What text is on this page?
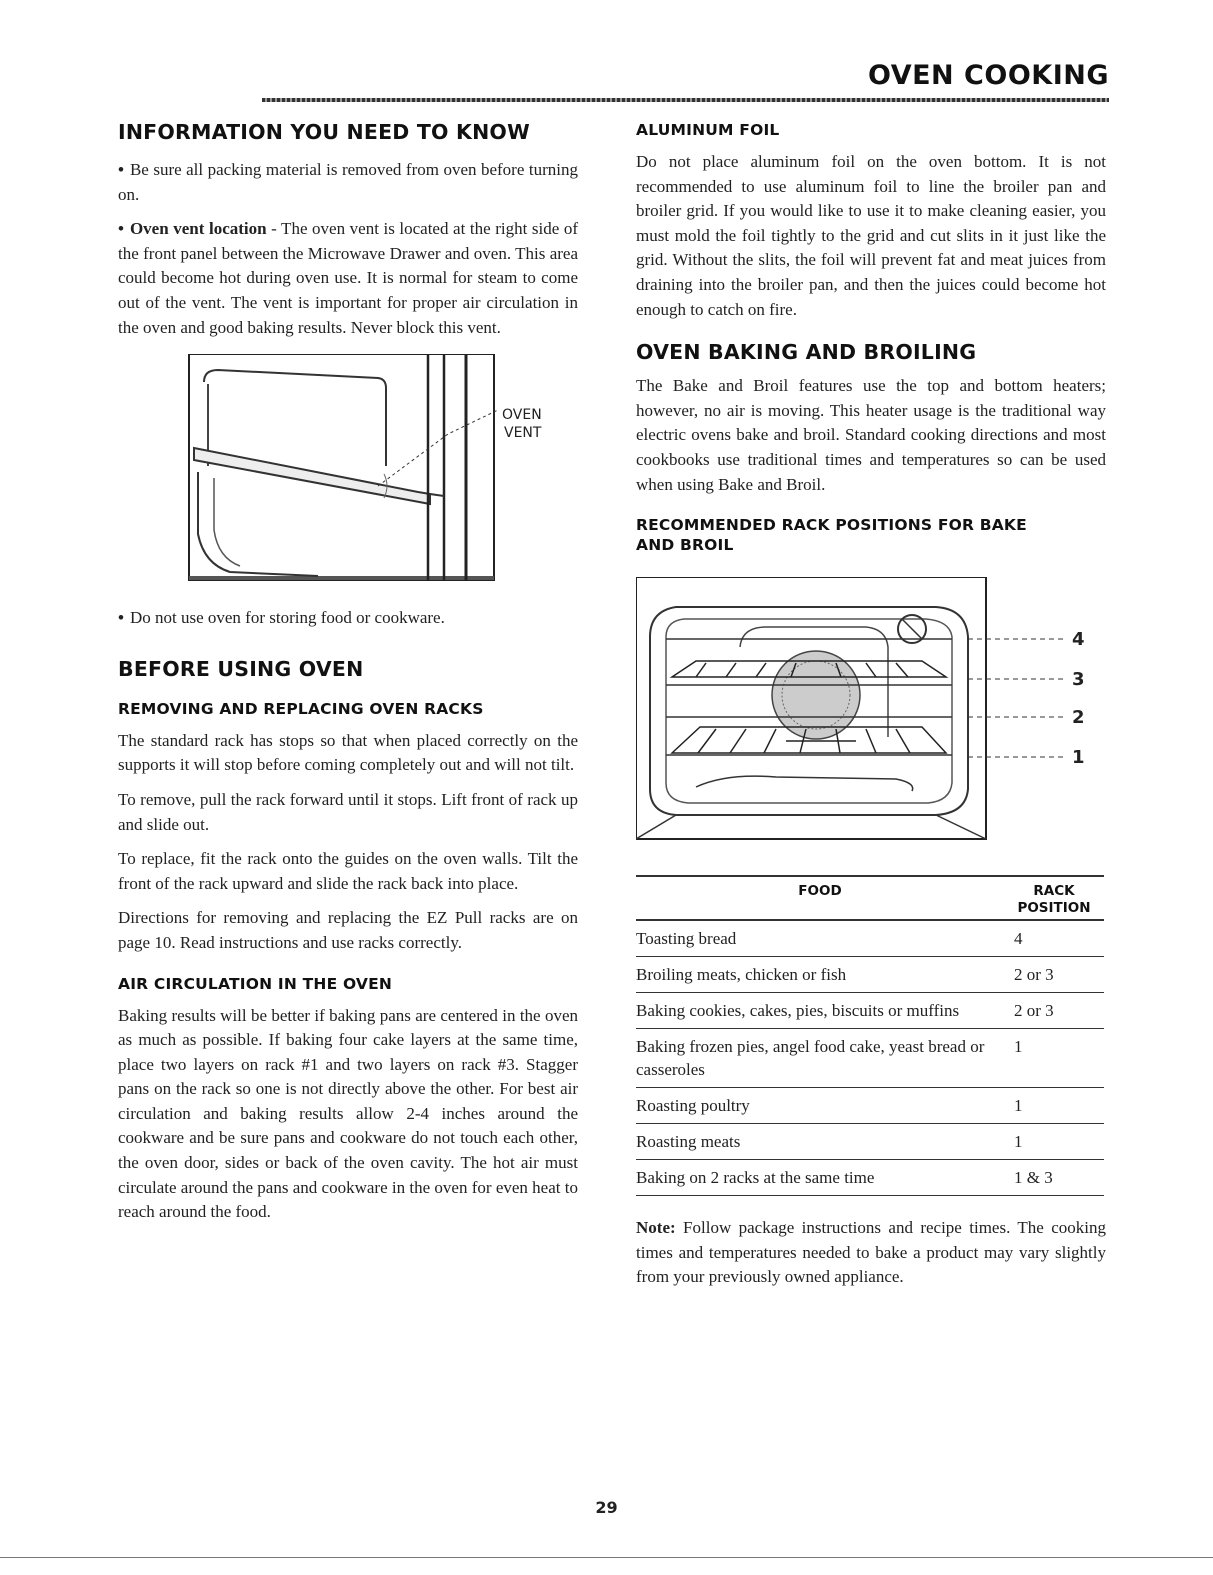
OVEN COOKING
INFORMATION YOU NEED TO KNOW

• Be sure all packing material is removed from oven before turning on.

• Oven vent location - The oven vent is located at the right side of the front panel between the Microwave Drawer and oven. This area could become hot during oven use. It is normal for steam to come out of the vent. The vent is important for proper air circulation in the oven and good baking results. Never block this vent.

OVEN
VENT

• Do not use oven for storing food or cookware.

BEFORE USING OVEN
REMOVING AND REPLACING OVEN RACKS

The standard rack has stops so that when placed correctly on the supports it will stop before coming completely out and will not tilt.

To remove, pull the rack forward until it stops. Lift front of rack up and slide out.

To replace, fit the rack onto the guides on the oven walls. Tilt the front of the rack upward and slide the rack back into place.

Directions for removing and replacing the EZ Pull racks are on page 10. Read instructions and use racks correctly.

AIR CIRCULATION IN THE OVEN

Baking results will be better if baking pans are centered in the oven as much as possible. If baking four cake layers at the same time, place two layers on rack #1 and two layers on rack #3. Stagger pans on the rack so one is not directly above the other. For best air circulation and baking results allow 2-4 inches around the cookware and be sure pans and cookware do not touch each other, the oven door, sides or back of the oven cavity. The hot air must circulate around the pans and cookware in the oven for even heat to reach around the food.

ALUMINUM FOIL

Do not place aluminum foil on the oven bottom. It is not recommended to use aluminum foil to line the broiler pan and broiler grid. If you would like to use it to make cleaning easier, you must mold the foil tightly to the grid and cut slits in it just like the grid. Without the slits, the foil will prevent fat and meat juices from draining into the broiler pan, and then the juices could become hot enough to catch on fire.

OVEN BAKING AND BROILING

The Bake and Broil features use the top and bottom heaters; however, no air is moving. This heater usage is the traditional way electric ovens bake and broil. Standard cooking directions and most cookbooks use traditional times and temperatures so can be used when using Bake and Broil.

RECOMMENDED RACK POSITIONS FOR BAKE AND BROIL
4
3
2
1
FOOD	RACK POSITION
Toasting bread	4
Broiling meats, chicken or fish	2 or 3
Baking cookies, cakes, pies, biscuits or muffins	2 or 3
Baking frozen pies, angel food cake, yeast bread or casseroles	1
Roasting poultry	1
Roasting meats	1
Baking on 2 racks at the same time	1 & 3

Note: Follow package instructions and recipe times. The cooking times and temperatures needed to bake a product may vary slightly from your previously owned appliance.

29
